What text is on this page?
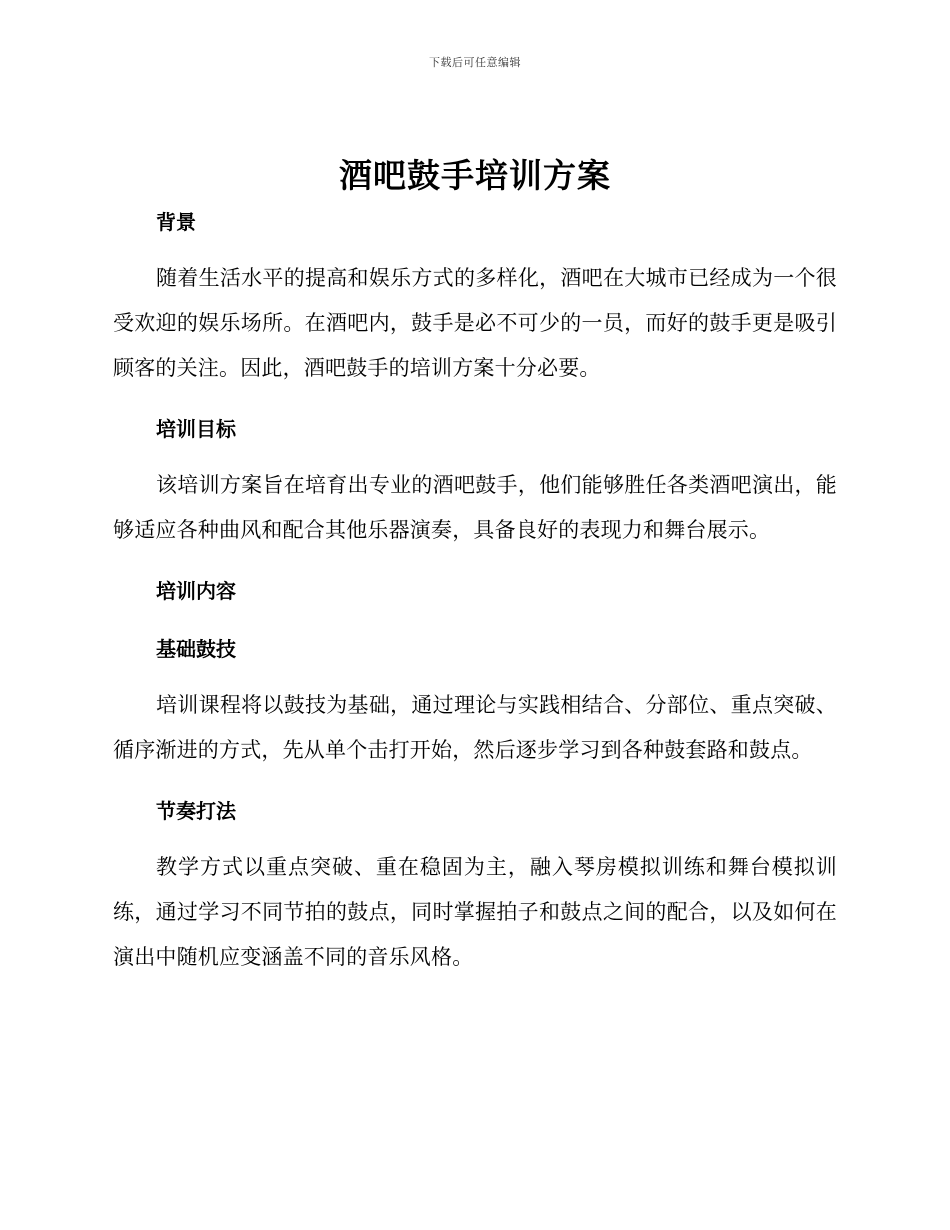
下载后可任意编辑
酒吧鼓手培训方案
背景

随着生活水平的提高和娱乐方式的多样化，酒吧在大城市已经成为一个很受欢迎的娱乐场所。在酒吧内，鼓手是必不可少的一员，而好的鼓手更是吸引顾客的关注。因此，酒吧鼓手的培训方案十分必要。

培训目标

该培训方案旨在培育出专业的酒吧鼓手，他们能够胜任各类酒吧演出，能够适应各种曲风和配合其他乐器演奏，具备良好的表现力和舞台展示。

培训内容
基础鼓技

培训课程将以鼓技为基础，通过理论与实践相结合、分部位、重点突破、循序渐进的方式，先从单个击打开始，然后逐步学习到各种鼓套路和鼓点。

节奏打法

教学方式以重点突破、重在稳固为主，融入琴房模拟训练和舞台模拟训练，通过学习不同节拍的鼓点，同时掌握拍子和鼓点之间的配合，以及如何在演出中随机应变涵盖不同的音乐风格。
